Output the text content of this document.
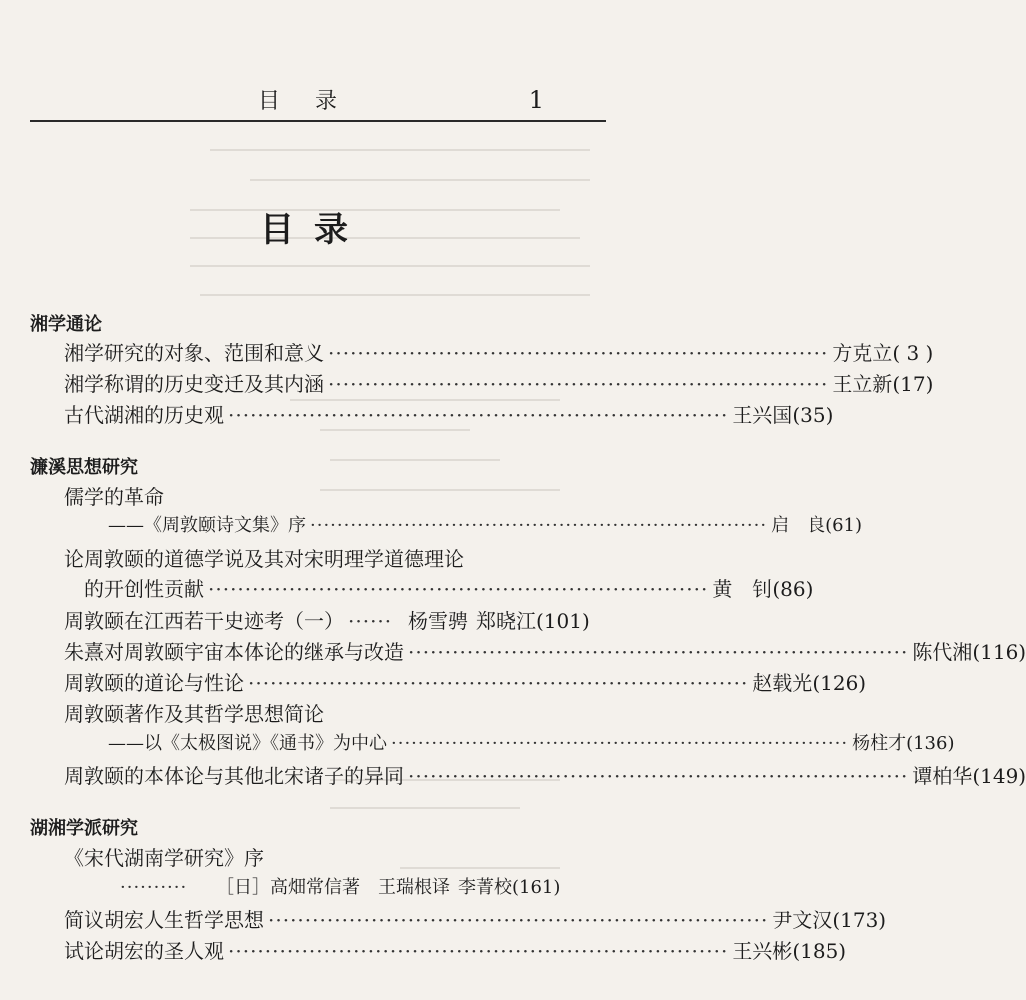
目 录	1
目录
湘学通论
湘学研究的对象、范围和意义 ···································································· 方克立 ( 3 )
湘学称谓的历史变迁及其内涵 ···································································· 王立新 (17)
古代湖湘的历史观 ···································································· 王兴国 (35)
濂溪思想研究
儒学的革命
——《周敦颐诗文集》序 ···································································· 启　良 (61)
论周敦颐的道德学说及其对宋明理学道德理论
的开创性贡献 ···································································· 黄　钊 (86)
周敦颐在江西若干史迹考（一） ······ 杨雪骋 郑晓江 (101)
朱熹对周敦颐宇宙本体论的继承与改造 ···································································· 陈代湘 (116)
周敦颐的道论与性论 ···································································· 赵载光 (126)
周敦颐著作及其哲学思想简论
——以《太极图说》《通书》为中心 ···································································· 杨柱才 (136)
周敦颐的本体论与其他北宋诸子的异同 ···································································· 谭柏华 (149)
湖湘学派研究
《宋代湖南学研究》序
··········	［日］高畑常信著　王瑞根译 李菁校 (161)
简议胡宏人生哲学思想 ···································································· 尹文汉 (173)
试论胡宏的圣人观 ···································································· 王兴彬 (185)
